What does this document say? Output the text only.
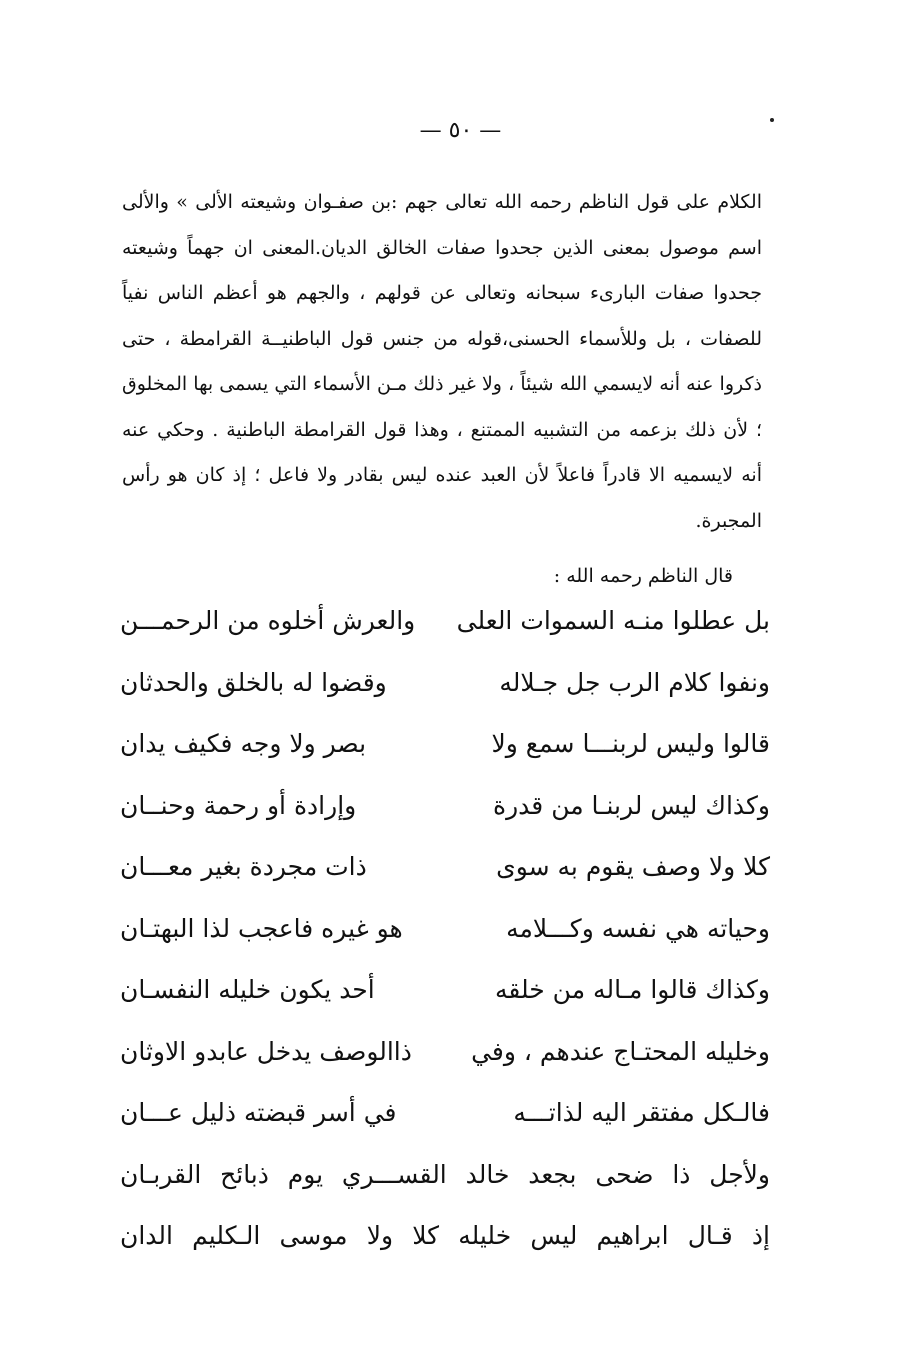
— ٥٠ —

الكلام على قول الناظم رحمه الله تعالى جهم :بن صفـوان وشيعته الألى » والألى اسم موصول بمعنى الذين جحدوا صفات الخالق الديان.المعنى ان جهماً وشيعته جحدوا صفات البارىء سبحانه وتعالى عن قولهم ، والجهم هو أعظم الناس نفياً للصفات ، بل وللأسماء الحسنى،قوله من جنس قول الباطنيــة القرامطة ، حتى ذكروا عنه أنه لايسمي الله شيئاً ، ولا غير ذلك مـن الأسماء التي يسمى بها المخلوق ؛ لأن ذلك بزعمه من التشبيه الممتنع ، وهذا قول القرامطة الباطنية . وحكي عنه أنه لايسميه الا قادراً فاعلاً لأن العبد عنده ليس بقادر ولا فاعل ؛ إذ كان هو رأس المجبرة.

قال الناظم رحمه الله :
بل عطلوا منـه السموات العلى
والعرش أخلوه من الرحمـــن
ونفوا كلام الرب جل جـلاله
وقضوا له بالخلق والحدثان
قالوا وليس لربنـــا سمع ولا
بصر ولا وجه فكيف يدان
وكذاك ليس لربنـا من قدرة
وإرادة أو رحمة وحنــان
كلا ولا وصف يقوم به سوى
ذات مجردة بغير معـــان
وحياته هي نفسه وكـــلامه
هو غيره فاعجب لذا البهتـان
وكذاك قالوا مـاله من خلقه
أحد يكون خليله النفسـان
وخليله المحتـاج عندهم ، وفي
ذاالوصف يدخل عابدو الاوثان
فالـكل مفتقر اليه لذاتـــه
في أسر قبضته ذليل عـــان
ولأجل ذا ضحى بجعد خالد القســـري يوم ذبائح القربـان
إذ قـال ابراهيم ليس خليله كلا ولا موسى الـكليم الدان
